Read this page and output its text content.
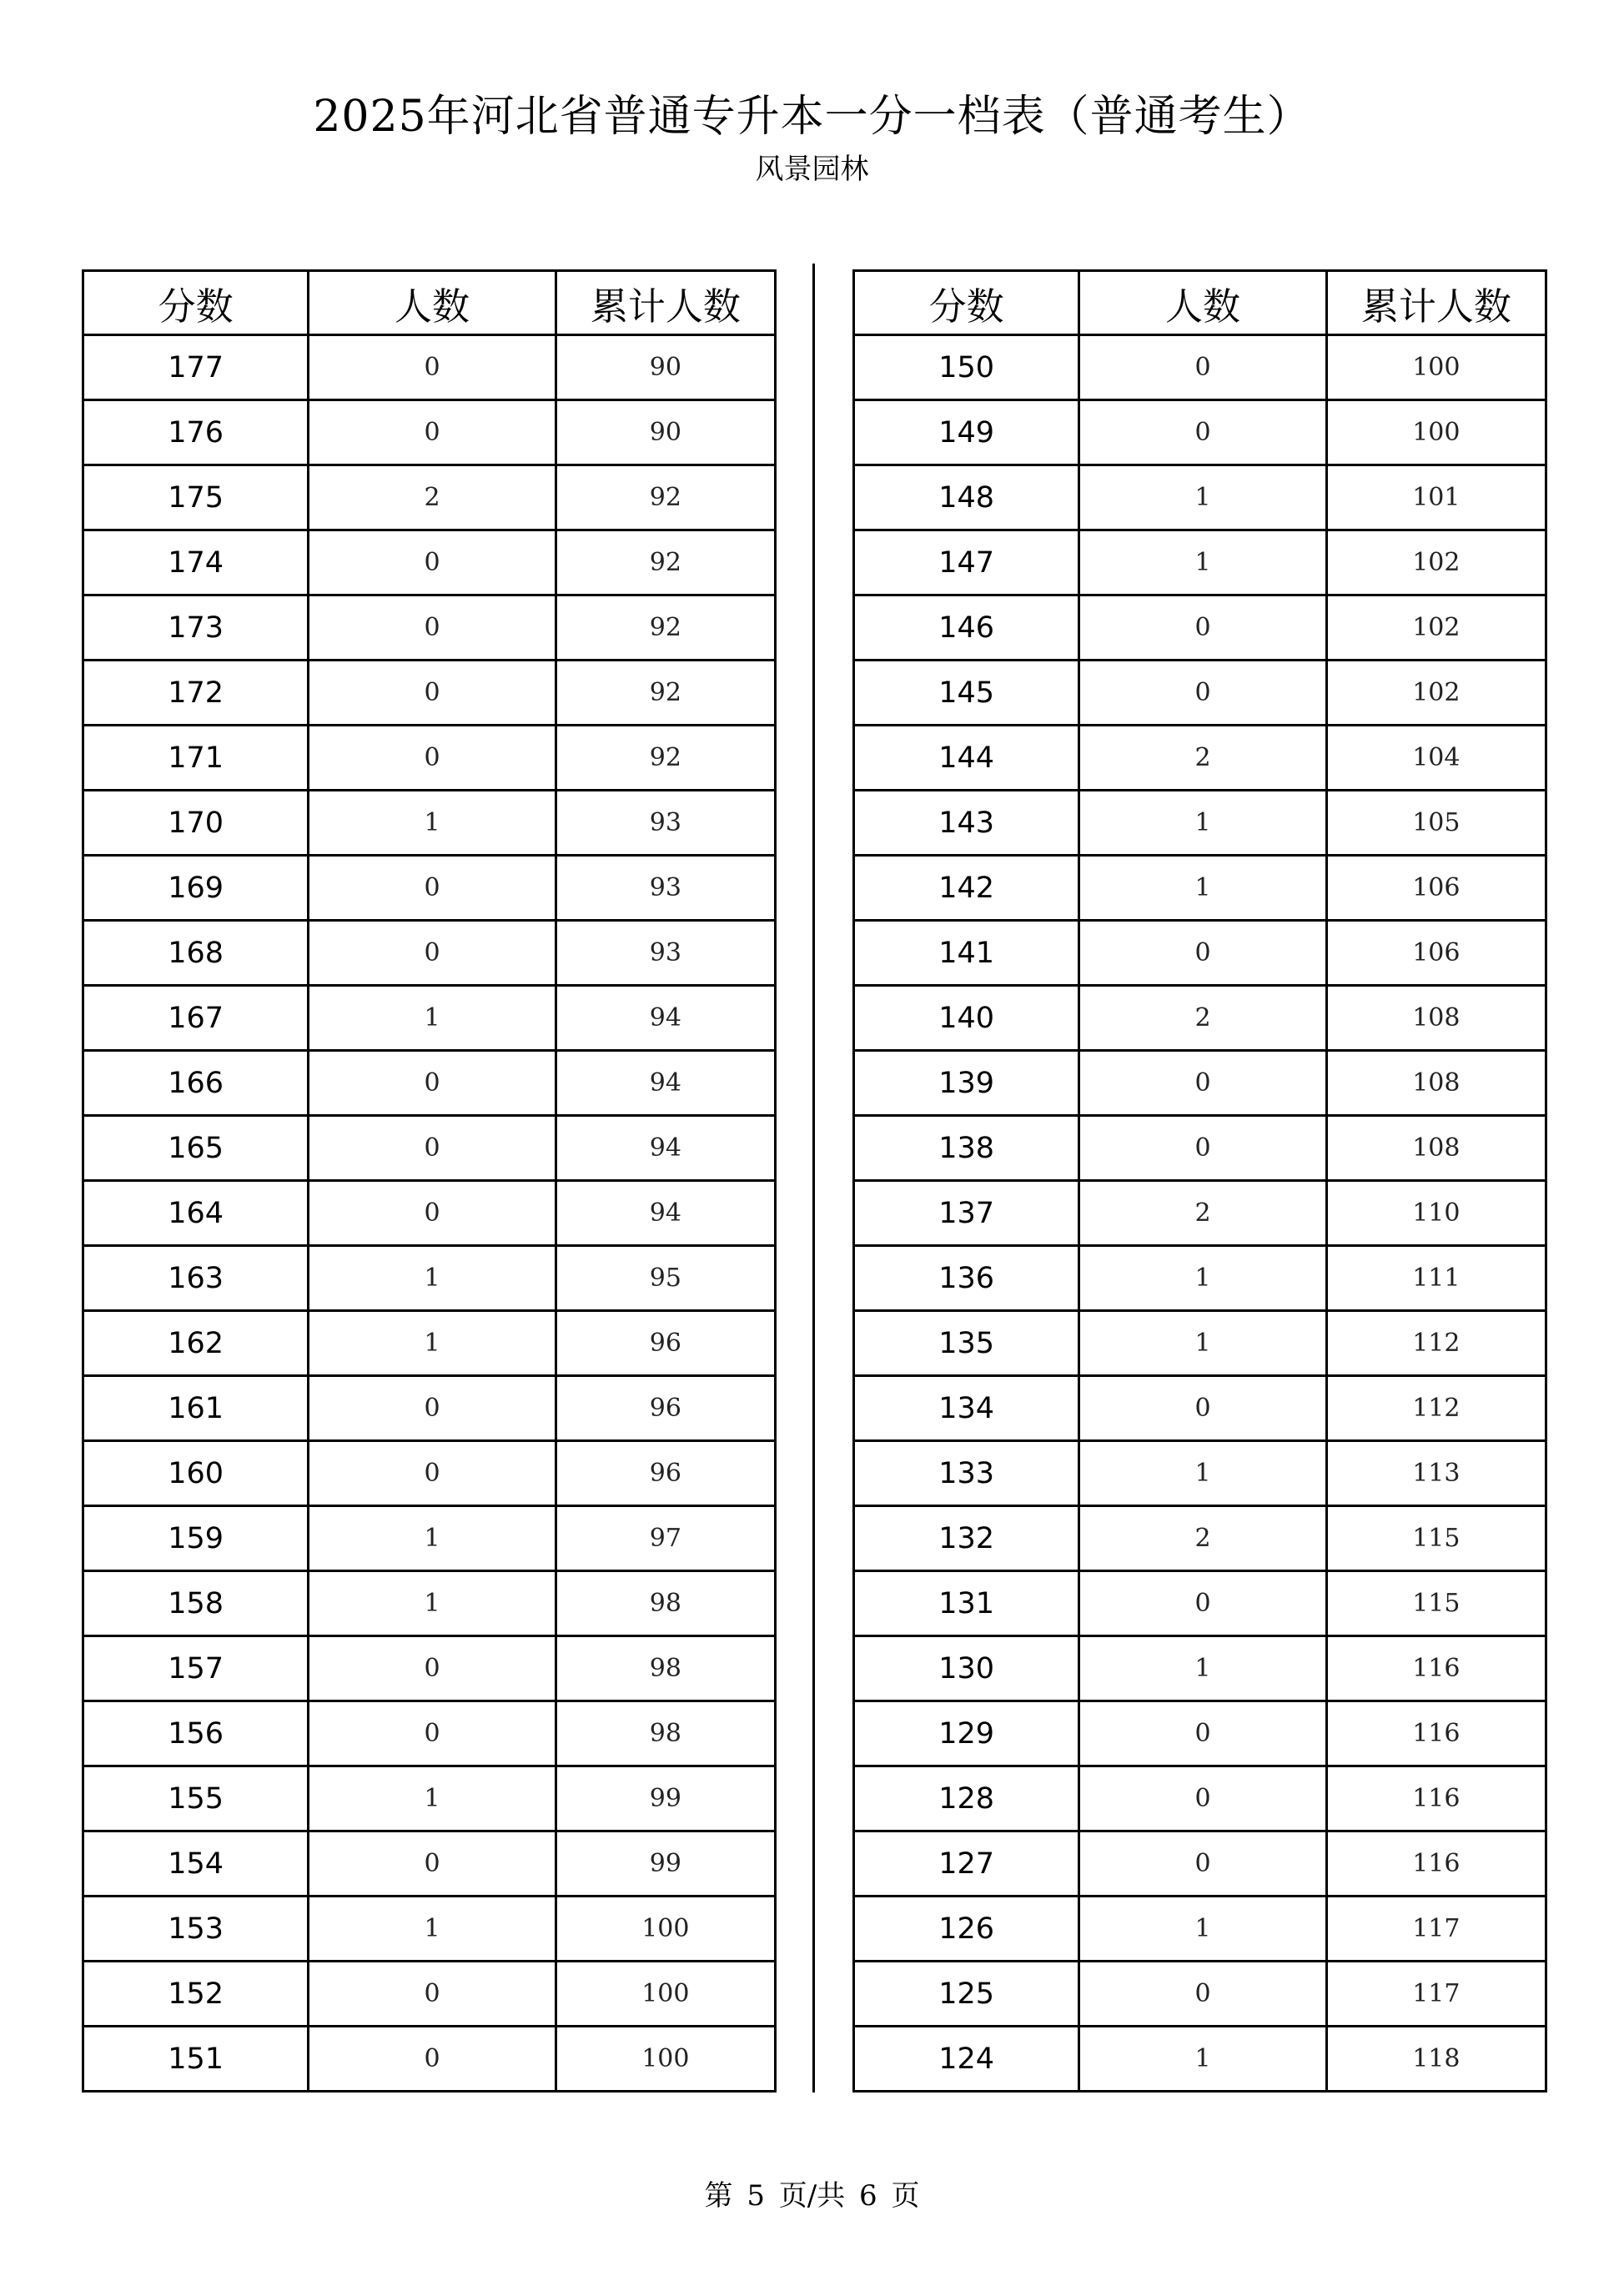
2025年河北省普通专升本一分一档表（普通考生）
风景园林
分数	人数	累计人数
177	0	90
176	0	90
175	2	92
174	0	92
173	0	92
172	0	92
171	0	92
170	1	93
169	0	93
168	0	93
167	1	94
166	0	94
165	0	94
164	0	94
163	1	95
162	1	96
161	0	96
160	0	96
159	1	97
158	1	98
157	0	98
156	0	98
155	1	99
154	0	99
153	1	100
152	0	100
151	0	100
分数	人数	累计人数
150	0	100
149	0	100
148	1	101
147	1	102
146	0	102
145	0	102
144	2	104
143	1	105
142	1	106
141	0	106
140	2	108
139	0	108
138	0	108
137	2	110
136	1	111
135	1	112
134	0	112
133	1	113
132	2	115
131	0	115
130	1	116
129	0	116
128	0	116
127	0	116
126	1	117
125	0	117
124	1	118
第 5 页/共 6 页
